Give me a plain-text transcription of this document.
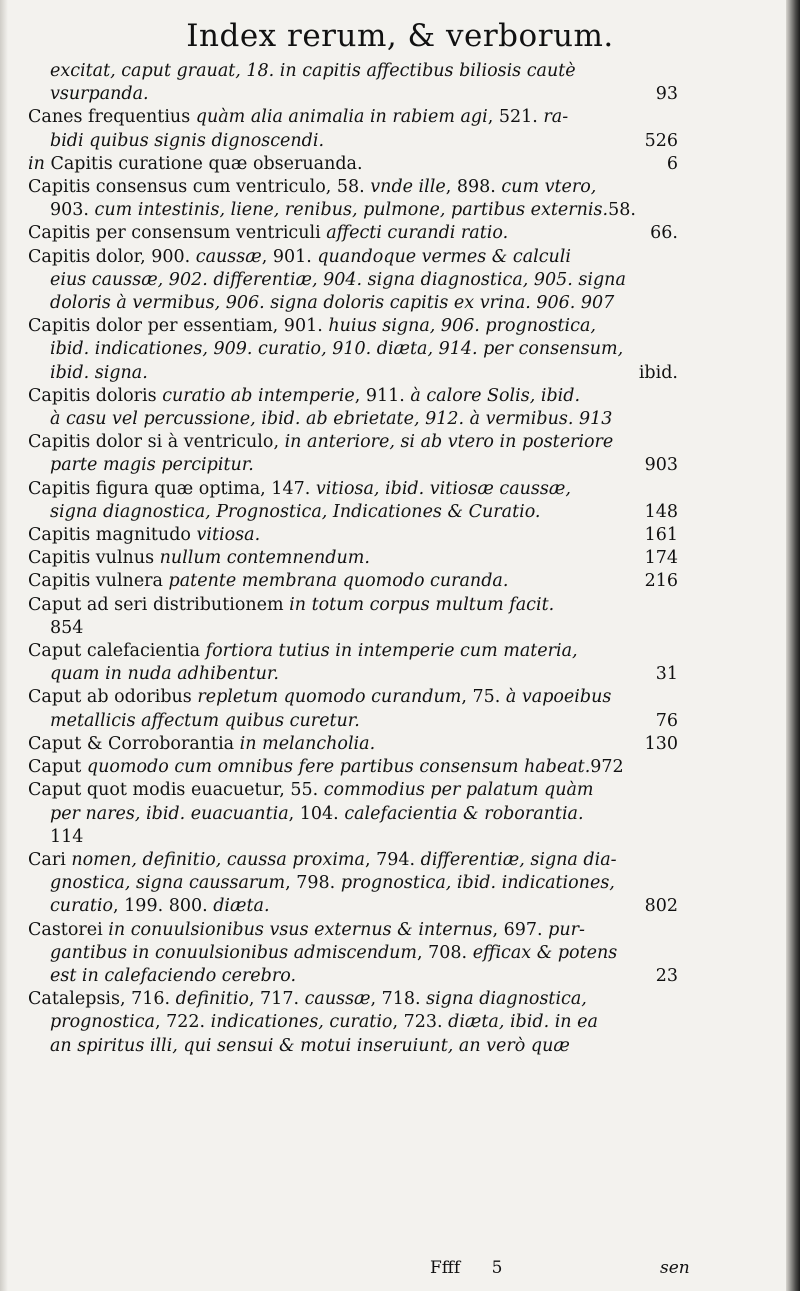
Index rerum, & verborum.
excitat, caput grauat, 18. in capitis affectibus biliosis cautè
vsurpanda.	93
Canes frequentius quàm alia animalia in rabiem agi, 521. ra-
bidi quibus signis dignoscendi.	526
in Capitis curatione quæ obseruanda.	6
Capitis consensus cum ventriculo, 58. vnde ille, 898. cum vtero,
903. cum intestinis, liene, renibus, pulmone, partibus externis.58.
Capitis per consensum ventriculi affecti curandi ratio.	66.
Capitis dolor, 900. caussæ, 901. quandoque vermes & calculi
eius caussæ, 902. differentiæ, 904. signa diagnostica, 905. signa
doloris à vermibus, 906. signa doloris capitis ex vrina. 906. 907
Capitis dolor per essentiam, 901. huius signa, 906. prognostica,
ibid. indicationes, 909. curatio, 910. diæta, 914. per consensum,
ibid. signa.	ibid.
Capitis doloris curatio ab intemperie, 911. à calore Solis, ibid.
à casu vel percussione, ibid. ab ebrietate, 912. à vermibus. 913
Capitis dolor si à ventriculo, in anteriore, si ab vtero in posteriore
parte magis percipitur.	903
Capitis figura quæ optima, 147. vitiosa, ibid. vitiosæ caussæ,
signa diagnostica, Prognostica, Indicationes & Curatio.	148
Capitis magnitudo vitiosa.	161
Capitis vulnus nullum contemnendum.	174
Capitis vulnera patente membrana quomodo curanda.	216
Caput ad seri distributionem in totum corpus multum facit.
854
Caput calefacientia fortiora tutius in intemperie cum materia,
quam in nuda adhibentur.	31
Caput ab odoribus repletum quomodo curandum, 75. à vapoeibus
metallicis affectum quibus curetur.	76
Caput & Corroborantia in melancholia.	130
Caput quomodo cum omnibus fere partibus consensum habeat.972
Caput quot modis euacuetur, 55. commodius per palatum quàm
per nares, ibid. euacuantia, 104. calefacientia & roborantia.
114
Cari nomen, definitio, caussa proxima, 794. differentiæ, signa dia-
gnostica, signa caussarum, 798. prognostica, ibid. indicationes,
curatio, 199. 800. diæta.	802
Castorei in conuulsionibus vsus externus & internus, 697. pur-
gantibus in conuulsionibus admiscendum, 708. efficax & potens
est in calefaciendo cerebro.	23
Catalepsis, 716. definitio, 717. caussæ, 718. signa diagnostica,
prognostica, 722. indicationes, curatio, 723. diæta, ibid. in ea
an spiritus illi, qui sensui & motui inseruiunt, an verò quæ
Ffff 5	sen
